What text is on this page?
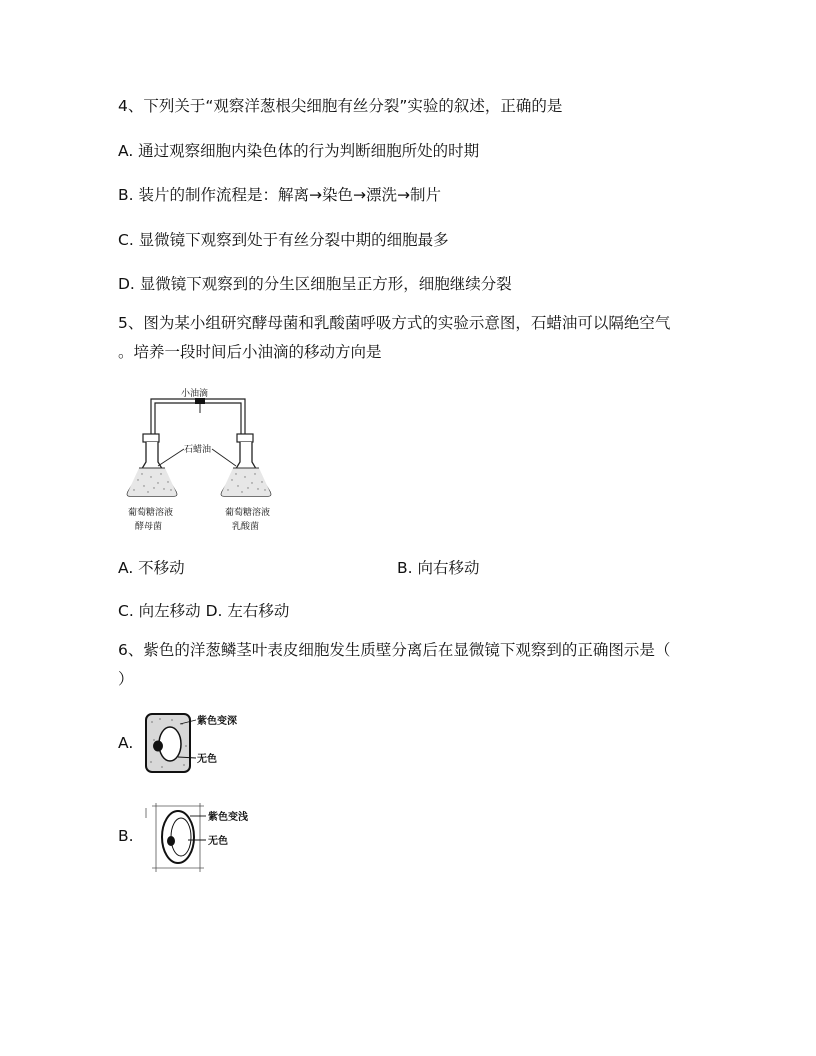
4、下列关于“观察洋葱根尖细胞有丝分裂”实验的叙述，正确的是
A. 通过观察细胞内染色体的行为判断细胞所处的时期
B. 装片的制作流程是：解离→染色→漂洗→制片
C. 显微镜下观察到处于有丝分裂中期的细胞最多
D. 显微镜下观察到的分生区细胞呈正方形，细胞继续分裂
5、图为某小组研究酵母菌和乳酸菌呼吸方式的实验示意图，石蜡油可以隔绝空气
。培养一段时间后小油滴的移动方向是
小油滴
石蜡油
葡萄糖溶液
酵母菌
葡萄糖溶液
乳酸菌
A. 不移动	B. 向右移动
C. 向左移动 D. 左右移动
6、紫色的洋葱鳞茎叶表皮细胞发生质壁分离后在显微镜下观察到的正确图示是（
）
A.
紫色变深
无色
B.
紫色变浅
无色
